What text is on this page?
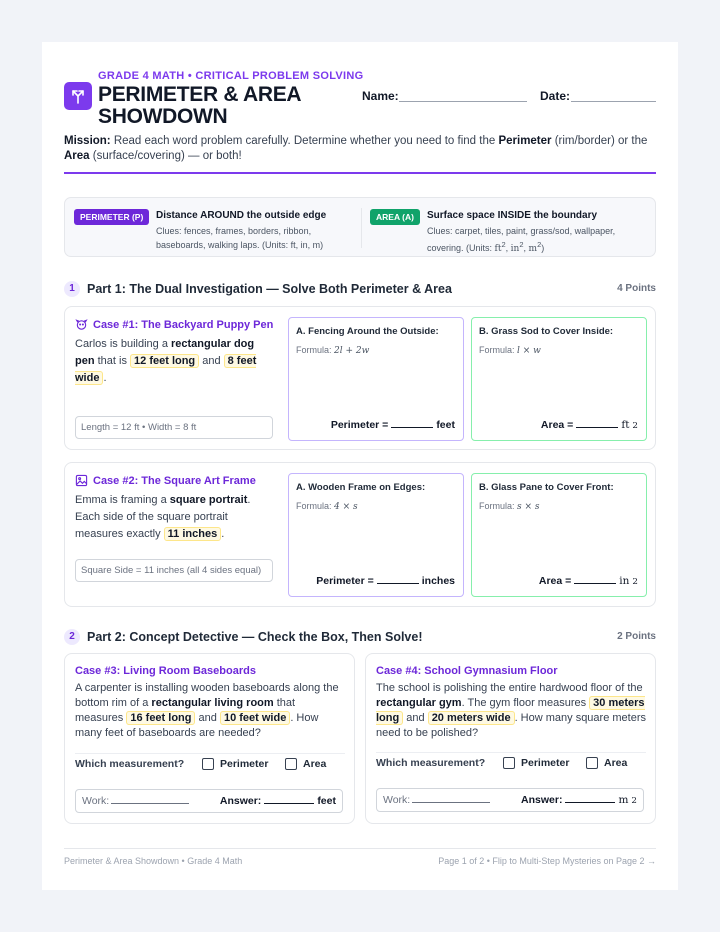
GRADE 4 MATH • CRITICAL PROBLEM SOLVING
PERIMETER & AREA SHOWDOWN
Name:	Date:
Mission: Read each word problem carefully. Determine whether you need to find the Perimeter (rim/border) or the Area (surface/covering) — or both!
PERIMETER (P)	Distance AROUND the outside edge
Clues: fences, frames, borders, ribbon, baseboards, walking laps. (Units: ft, in, m)
AREA (A)	Surface space INSIDE the boundary
Clues: carpet, tiles, paint, grass/sod, wallpaper, covering. (Units: $ft^2$, $in^2$, $m^2$)
1 Part 1: The Dual Investigation — Solve Both Perimeter & Area	4 Points
Case #1: The Backyard Puppy Pen
Carlos is building a rectangular dog pen that is 12 feet long and 8 feet wide .
Length = 12 ft • Width = 8 ft
A. Fencing Around the Outside:
Formula: 2l + 2w
Perimeter =	feet
B. Grass Sod to Cover Inside:
Formula: l × w
Area =	ft 2
Case #2: The Square Art Frame
Emma is framing a square portrait. Each side of the square portrait measures exactly 11 inches .
Square Side = 11 inches (all 4 sides equal)
A. Wooden Frame on Edges:
Formula: 4 × s
Perimeter =	inches
B. Glass Pane to Cover Front:
Formula: s × s
Area =	in 2
2 Part 2: Concept Detective — Check the Box, Then Solve!	2 Points
Case #3: Living Room Baseboards
A carpenter is installing wooden baseboards along the bottom rim of a rectangular living room that measures 16 feet long and 10 feet wide . How many feet of baseboards are needed?
Which measurement?	Perimeter	Area
Work:	Answer:	feet
Case #4: School Gymnasium Floor
The school is polishing the entire hardwood floor of the rectangular gym. The gym floor measures 30 meters long and 20 meters wide . How many square meters need to be polished?
Which measurement?	Perimeter	Area
Work:	Answer:	m 2
Perimeter & Area Showdown • Grade 4 Math	Page 1 of 2 • Flip to Multi-Step Mysteries on Page 2 →
